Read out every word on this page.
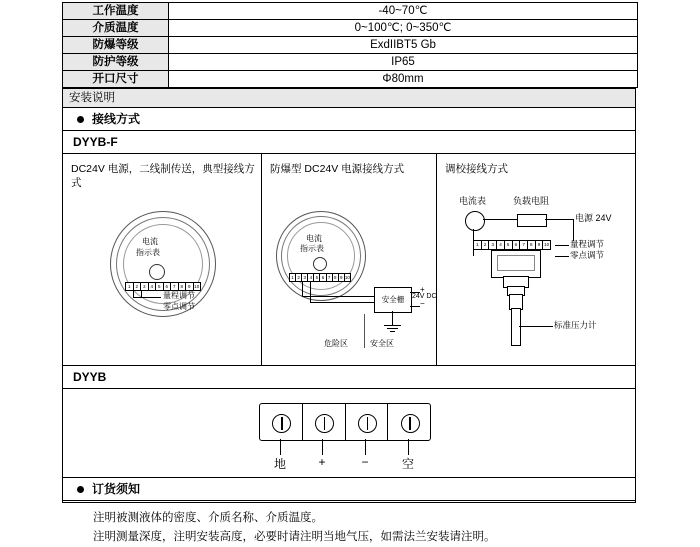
工作温度	-40~70℃
介质温度	0~100℃; 0~350℃
防爆等级	ExdIIBT5 Gb
防护等级	IP65
开口尺寸	Φ80mm
安装说明
接线方式
DYYB-F
DC24V 电源，二线制传送，典型接线方式
电流
指示表
1	2	3	4	5	6	7	8	9 10
量程调节
零点调节
防爆型 DC24V 电源接线方式
电流
指示表
1 2 3 4 5 6 7 8 9 10
安全栅
+
−
24V DC
危险区	安全区
调校接线方式
电流表	负载电阻
电源 24V
1	2	3	4	5	6	7	8	9 10 量程调节
零点调节
标准压力计
DYYB
地	+	−	空
订货须知
注明被测液体的密度、介质名称、介质温度。
注明测量深度，注明安装高度，必要时请注明当地气压，如需法兰安装请注明。
